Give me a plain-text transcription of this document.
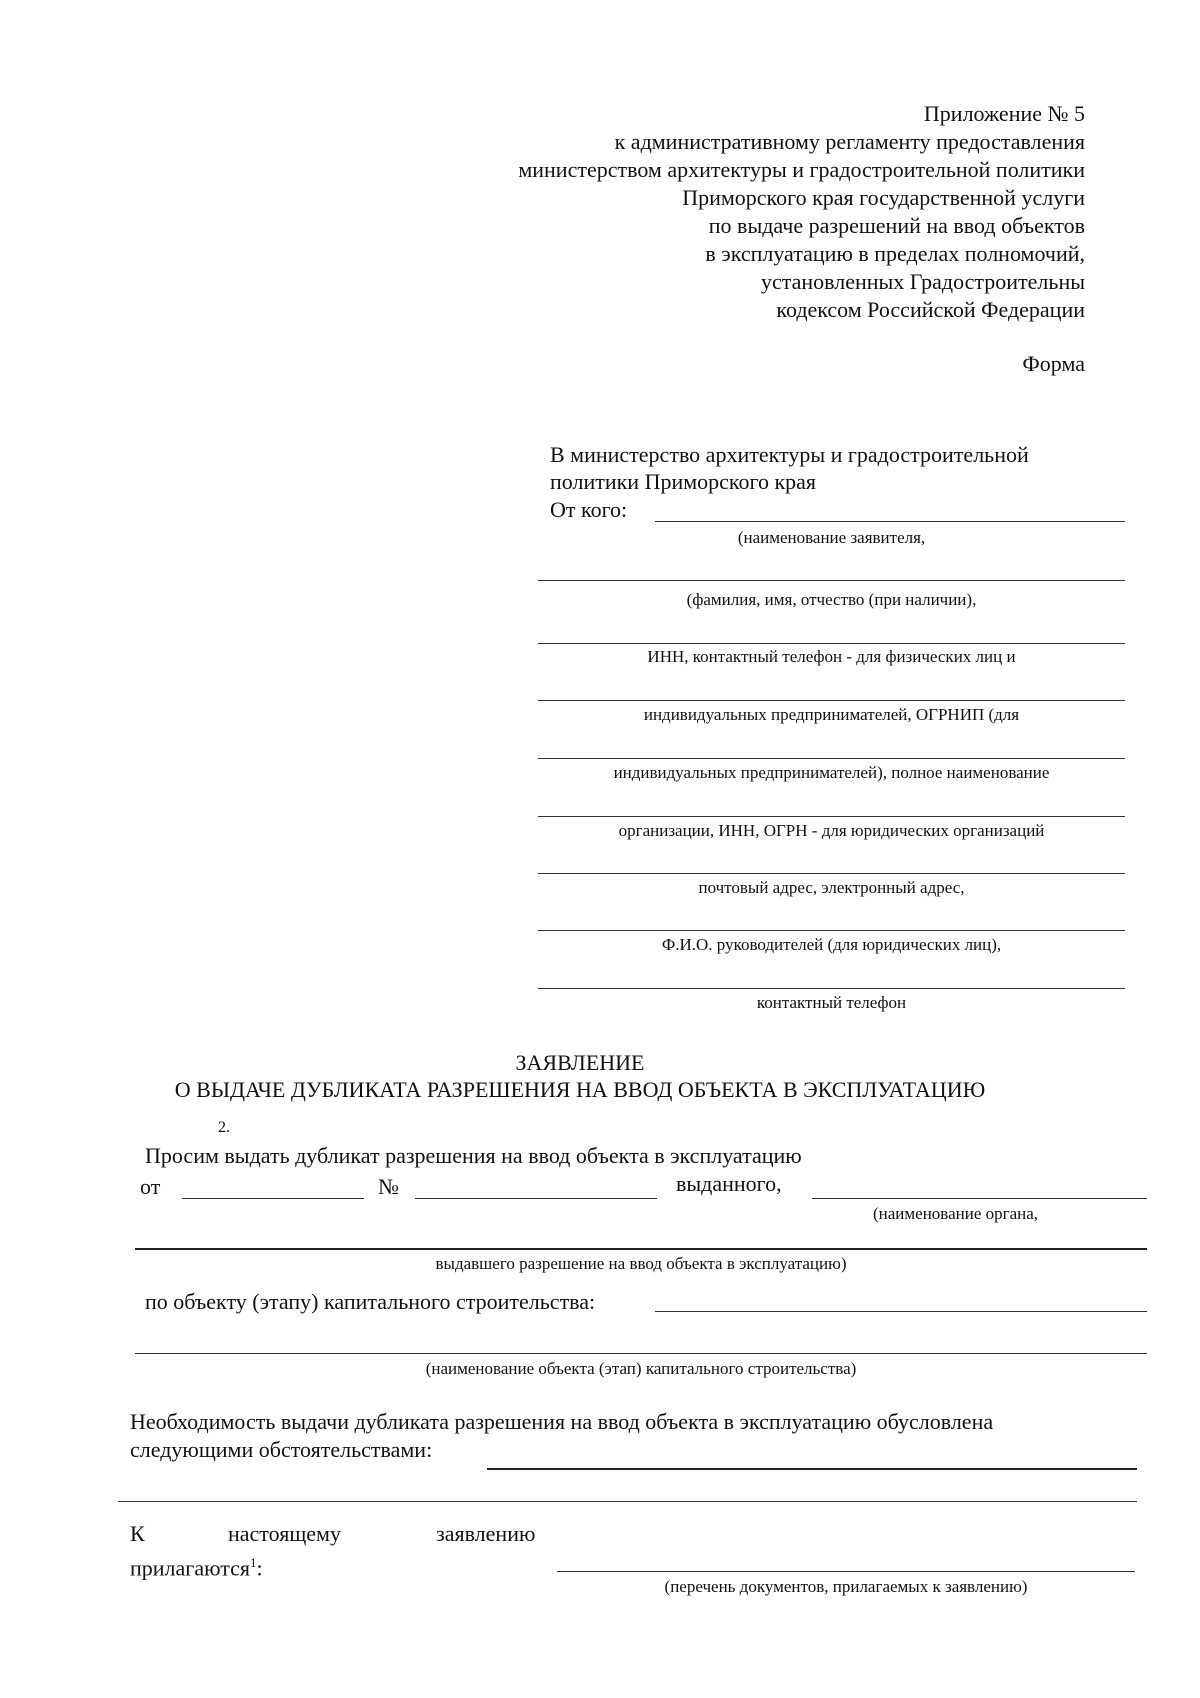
Приложение № 5
к административному регламенту предоставления
министерством архитектуры и градостроительной политики
Приморского края государственной услуги
по выдаче разрешений на ввод объектов
в эксплуатацию в пределах полномочий,
установленных Градостроительны
кодексом Российской Федерации
Форма
В министерство архитектуры и градостроительной
политики Приморского края
От кого:
(наименование заявителя,
(фамилия, имя, отчество (при наличии),
ИНН, контактный телефон - для физических лиц и
индивидуальных предпринимателей, ОГРНИП (для
индивидуальных предпринимателей), полное наименование
организации, ИНН, ОГРН - для юридических организаций
почтовый адрес, электронный адрес,
Ф.И.О. руководителей (для юридических лиц),
контактный телефон
ЗАЯВЛЕНИЕ
О ВЫДАЧЕ ДУБЛИКАТА РАЗРЕШЕНИЯ НА ВВОД ОБЪЕКТА В ЭКСПЛУАТАЦИЮ
2.
Просим выдать дубликат разрешения на ввод объекта в эксплуатацию
от	№	выданного,
(наименование органа,
выдавшего разрешение на ввод объекта в эксплуатацию)
по объекту (этапу) капитального строительства:
(наименование объекта (этап) капитального строительства)
Необходимость выдачи дубликата разрешения на ввод объекта в эксплуатацию обусловлена
следующими обстоятельствами:
К	настоящему	заявлению
прилагаются$^1$:
(перечень документов, прилагаемых к заявлению)
